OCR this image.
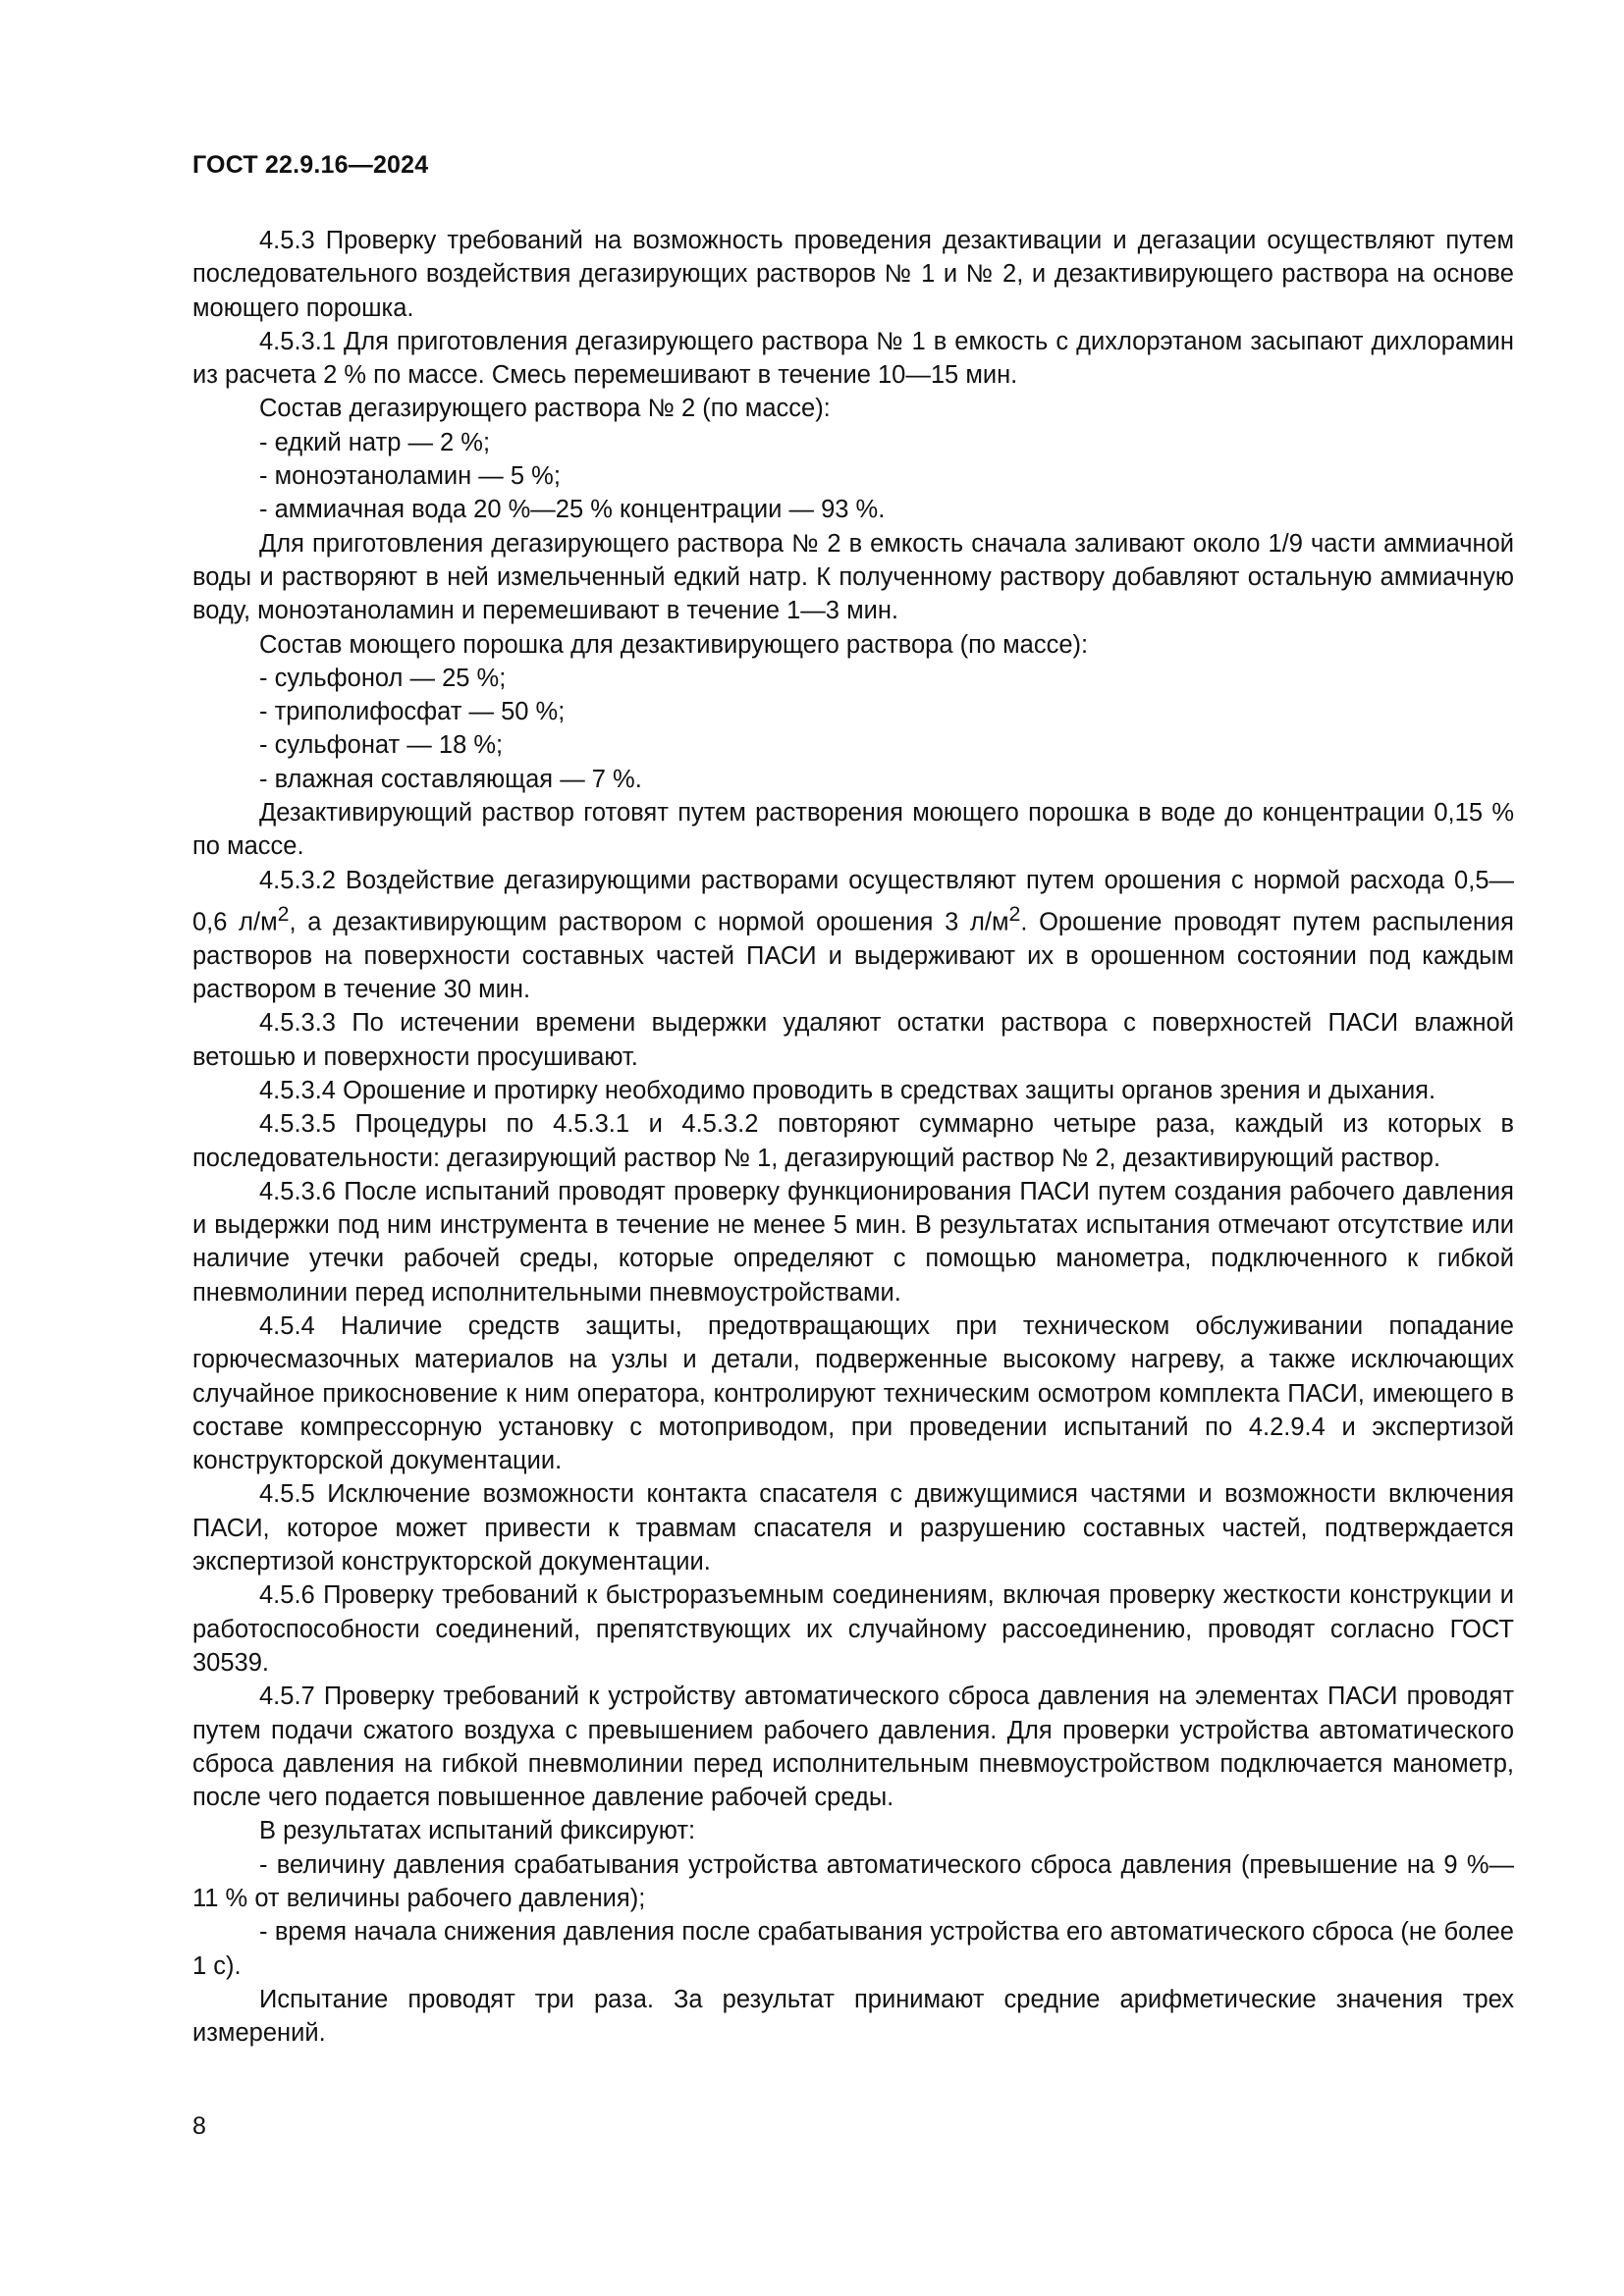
ГОСТ 22.9.16—2024

4.5.3 Проверку требований на возможность проведения дезактивации и дегазации осуществляют путем последовательного воздействия дегазирующих растворов № 1 и № 2, и дезактивирующего раствора на основе моющего порошка.

4.5.3.1 Для приготовления дегазирующего раствора № 1 в емкость с дихлорэтаном засыпают дихлорамин из расчета 2 % по массе. Смесь перемешивают в течение 10—15 мин.

Состав дегазирующего раствора № 2 (по массе):

- едкий натр — 2 %;
- моноэтаноламин — 5 %;
- аммиачная вода 20 %—25 % концентрации — 93 %.

Для приготовления дегазирующего раствора № 2 в емкость сначала заливают около 1/9 части аммиачной воды и растворяют в ней измельченный едкий натр. К полученному раствору добавляют остальную аммиачную воду, моноэтаноламин и перемешивают в течение 1—3 мин.

Состав моющего порошка для дезактивирующего раствора (по массе):

- сульфонол — 25 %;
- триполифосфат — 50 %;
- сульфонат — 18 %;
- влажная составляющая — 7 %.

Дезактивирующий раствор готовят путем растворения моющего порошка в воде до концентрации 0,15 % по массе.

4.5.3.2 Воздействие дегазирующими растворами осуществляют путем орошения с нормой расхода 0,5—0,6 $л/м^2$, а дезактивирующим раствором с нормой орошения 3 $л/м^2$. Орошение проводят путем распыления растворов на поверхности составных частей ПАСИ и выдерживают их в орошенном состоянии под каждым раствором в течение 30 мин.

4.5.3.3 По истечении времени выдержки удаляют остатки раствора с поверхностей ПАСИ влажной ветошью и поверхности просушивают.

4.5.3.4 Орошение и протирку необходимо проводить в средствах защиты органов зрения и дыхания.

4.5.3.5 Процедуры по 4.5.3.1 и 4.5.3.2 повторяют суммарно четыре раза, каждый из которых в последовательности: дегазирующий раствор № 1, дегазирующий раствор № 2, дезактивирующий раствор.

4.5.3.6 После испытаний проводят проверку функционирования ПАСИ путем создания рабочего давления и выдержки под ним инструмента в течение не менее 5 мин. В результатах испытания отмечают отсутствие или наличие утечки рабочей среды, которые определяют с помощью манометра, подключенного к гибкой пневмолинии перед исполнительными пневмоустройствами.

4.5.4 Наличие средств защиты, предотвращающих при техническом обслуживании попадание горючесмазочных материалов на узлы и детали, подверженные высокому нагреву, а также исключающих случайное прикосновение к ним оператора, контролируют техническим осмотром комплекта ПАСИ, имеющего в составе компрессорную установку с мотоприводом, при проведении испытаний по 4.2.9.4 и экспертизой конструкторской документации.

4.5.5 Исключение возможности контакта спасателя с движущимися частями и возможности включения ПАСИ, которое может привести к травмам спасателя и разрушению составных частей, подтверждается экспертизой конструкторской документации.

4.5.6 Проверку требований к быстроразъемным соединениям, включая проверку жесткости конструкции и работоспособности соединений, препятствующих их случайному рассоединению, проводят согласно ГОСТ 30539.

4.5.7 Проверку требований к устройству автоматического сброса давления на элементах ПАСИ проводят путем подачи сжатого воздуха с превышением рабочего давления. Для проверки устройства автоматического сброса давления на гибкой пневмолинии перед исполнительным пневмоустройством подключается манометр, после чего подается повышенное давление рабочей среды.

В результатах испытаний фиксируют:

- величину давления срабатывания устройства автоматического сброса давления (превышение на 9 %—11 % от величины рабочего давления);

- время начала снижения давления после срабатывания устройства его автоматического сброса (не более 1 с).

Испытание проводят три раза. За результат принимают средние арифметические значения трех измерений.

8
